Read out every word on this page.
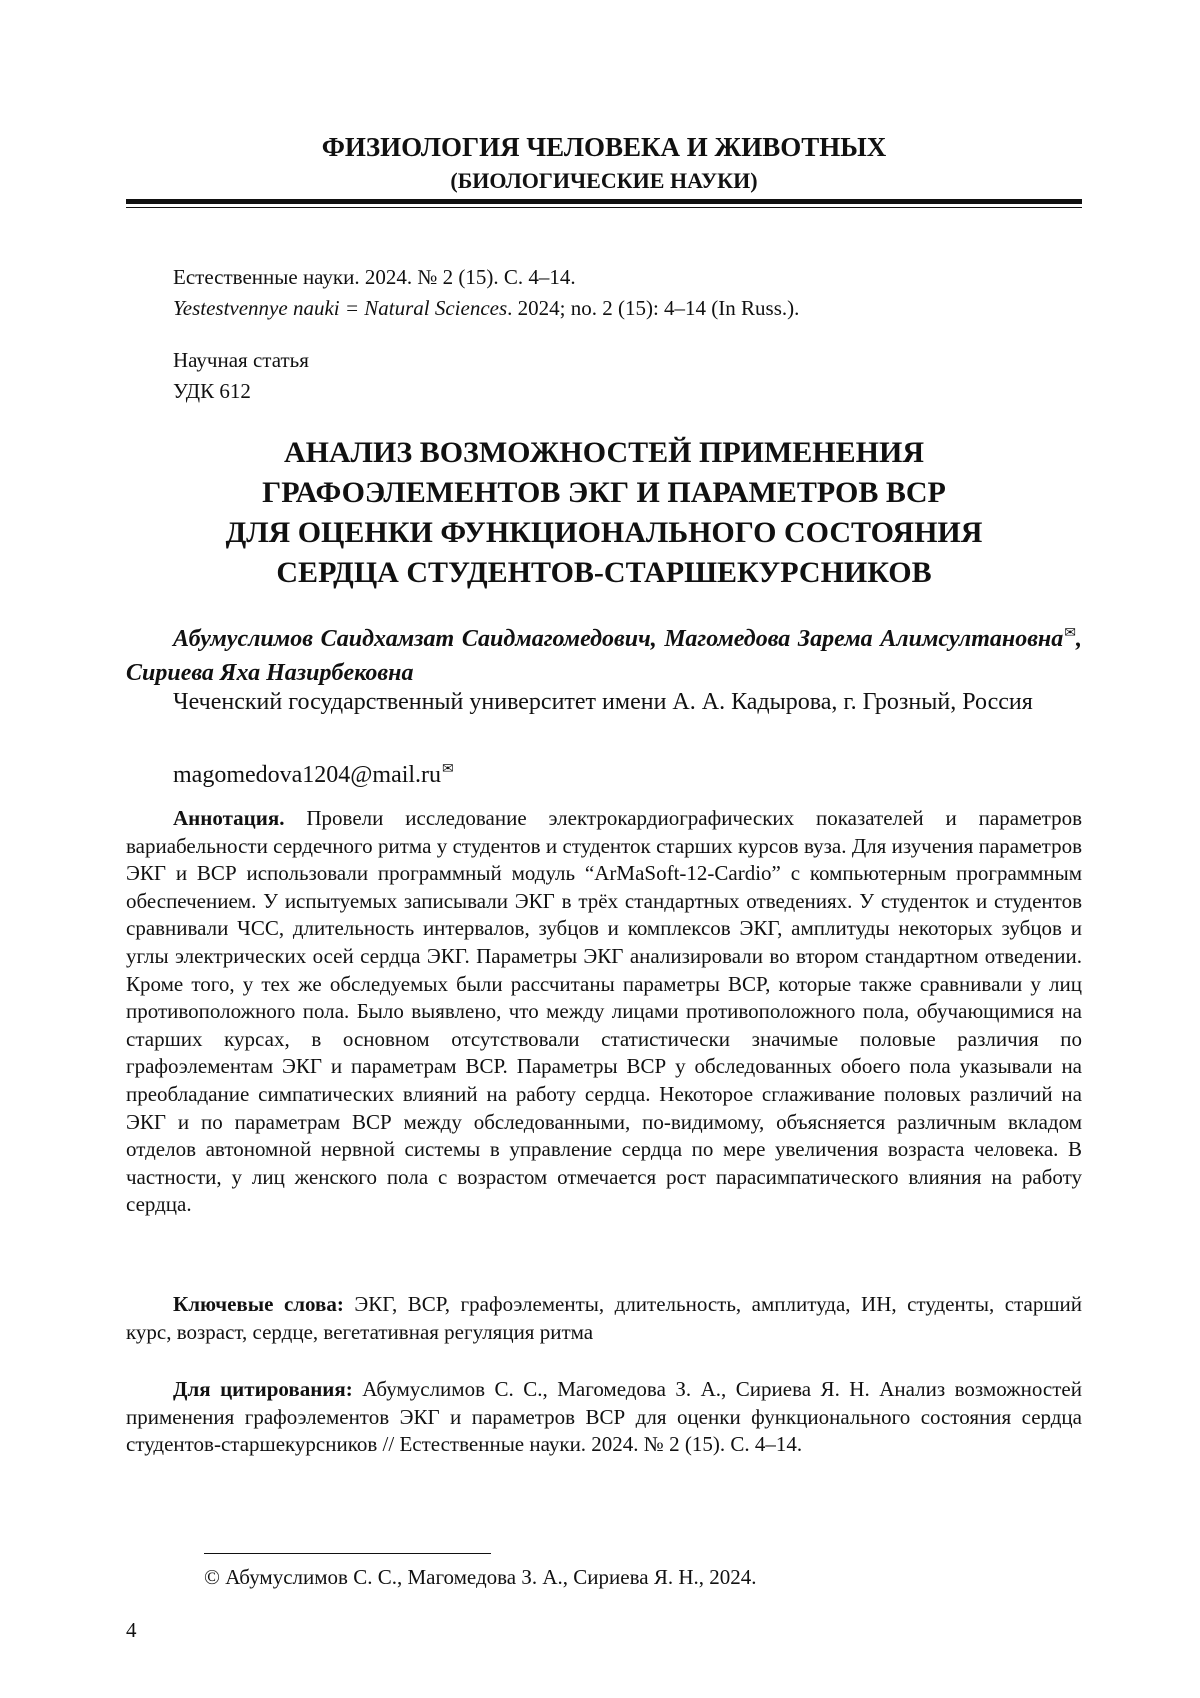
ФИЗИОЛОГИЯ ЧЕЛОВЕКА И ЖИВОТНЫХ
(БИОЛОГИЧЕСКИЕ НАУКИ)
Естественные науки. 2024. № 2 (15). С. 4–14.
Yestestvennye nauki = Natural Sciences. 2024; no. 2 (15): 4–14 (In Russ.).
Научная статья
УДК 612
АНАЛИЗ ВОЗМОЖНОСТЕЙ ПРИМЕНЕНИЯ
ГРАФОЭЛЕМЕНТОВ ЭКГ И ПАРАМЕТРОВ ВСР
ДЛЯ ОЦЕНКИ ФУНКЦИОНАЛЬНОГО СОСТОЯНИЯ
СЕРДЦА СТУДЕНТОВ-СТАРШЕКУРСНИКОВ
Абумуслимов Саидхамзат Саидмагомедович, Магомедова Зарема Алимсултановна✉, Сириева Яха Назирбековна
Чеченский государственный университет имени А. А. Кадырова, г. Грозный, Россия
magomedova1204@mail.ru✉
Аннотация. Провели исследование электрокардиографических показателей и параметров вариабельности сердечного ритма у студентов и студенток старших курсов вуза. Для изучения параметров ЭКГ и ВСР использовали программный модуль “ArMaSoft-12-Cardio” с компьютерным программным обеспечением. У испытуемых записывали ЭКГ в трёх стандартных отведениях. У студенток и студентов сравнивали ЧСС, длительность интервалов, зубцов и комплексов ЭКГ, амплитуды некоторых зубцов и углы электрических осей сердца ЭКГ. Параметры ЭКГ анализировали во втором стандартном отведении. Кроме того, у тех же обследуемых были рассчитаны параметры ВСР, которые также сравнивали у лиц противоположного пола. Было выявлено, что между лицами противоположного пола, обучающимися на старших курсах, в основном отсутствовали статистически значимые половые различия по графоэлементам ЭКГ и параметрам ВСР. Параметры ВСР у обследованных обоего пола указывали на преобладание симпатических влияний на работу сердца. Некоторое сглаживание половых различий на ЭКГ и по параметрам ВСР между обследованными, по-видимому, объясняется различным вкладом отделов автономной нервной системы в управление сердца по мере увеличения возраста человека. В частности, у лиц женского пола с возрастом отмечается рост парасимпатического влияния на работу сердца.
Ключевые слова: ЭКГ, ВСР, графоэлементы, длительность, амплитуда, ИН, студенты, старший курс, возраст, сердце, вегетативная регуляция ритма
Для цитирования: Абумуслимов С. С., Магомедова З. А., Сириева Я. Н. Анализ возможностей применения графоэлементов ЭКГ и параметров ВСР для оценки функционального состояния сердца студентов-старшекурсников // Естественные науки. 2024. № 2 (15). С. 4–14.
© Абумуслимов С. С., Магомедова З. А., Сириева Я. Н., 2024.
4
